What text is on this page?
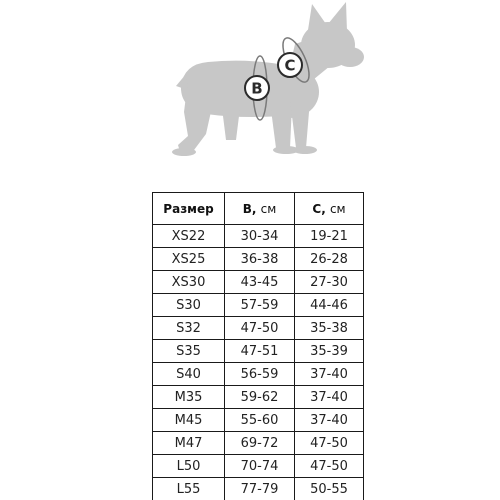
B
C
Размер	B, см	C, см
XS22	30-34	19-21
XS25	36-38	26-28
XS30	43-45	27-30
S30	57-59	44-46
S32	47-50	35-38
S35	47-51	35-39
S40	56-59	37-40
M35	59-62	37-40
M45	55-60	37-40
M47	69-72	47-50
L50	70-74	47-50
L55	77-79	50-55
